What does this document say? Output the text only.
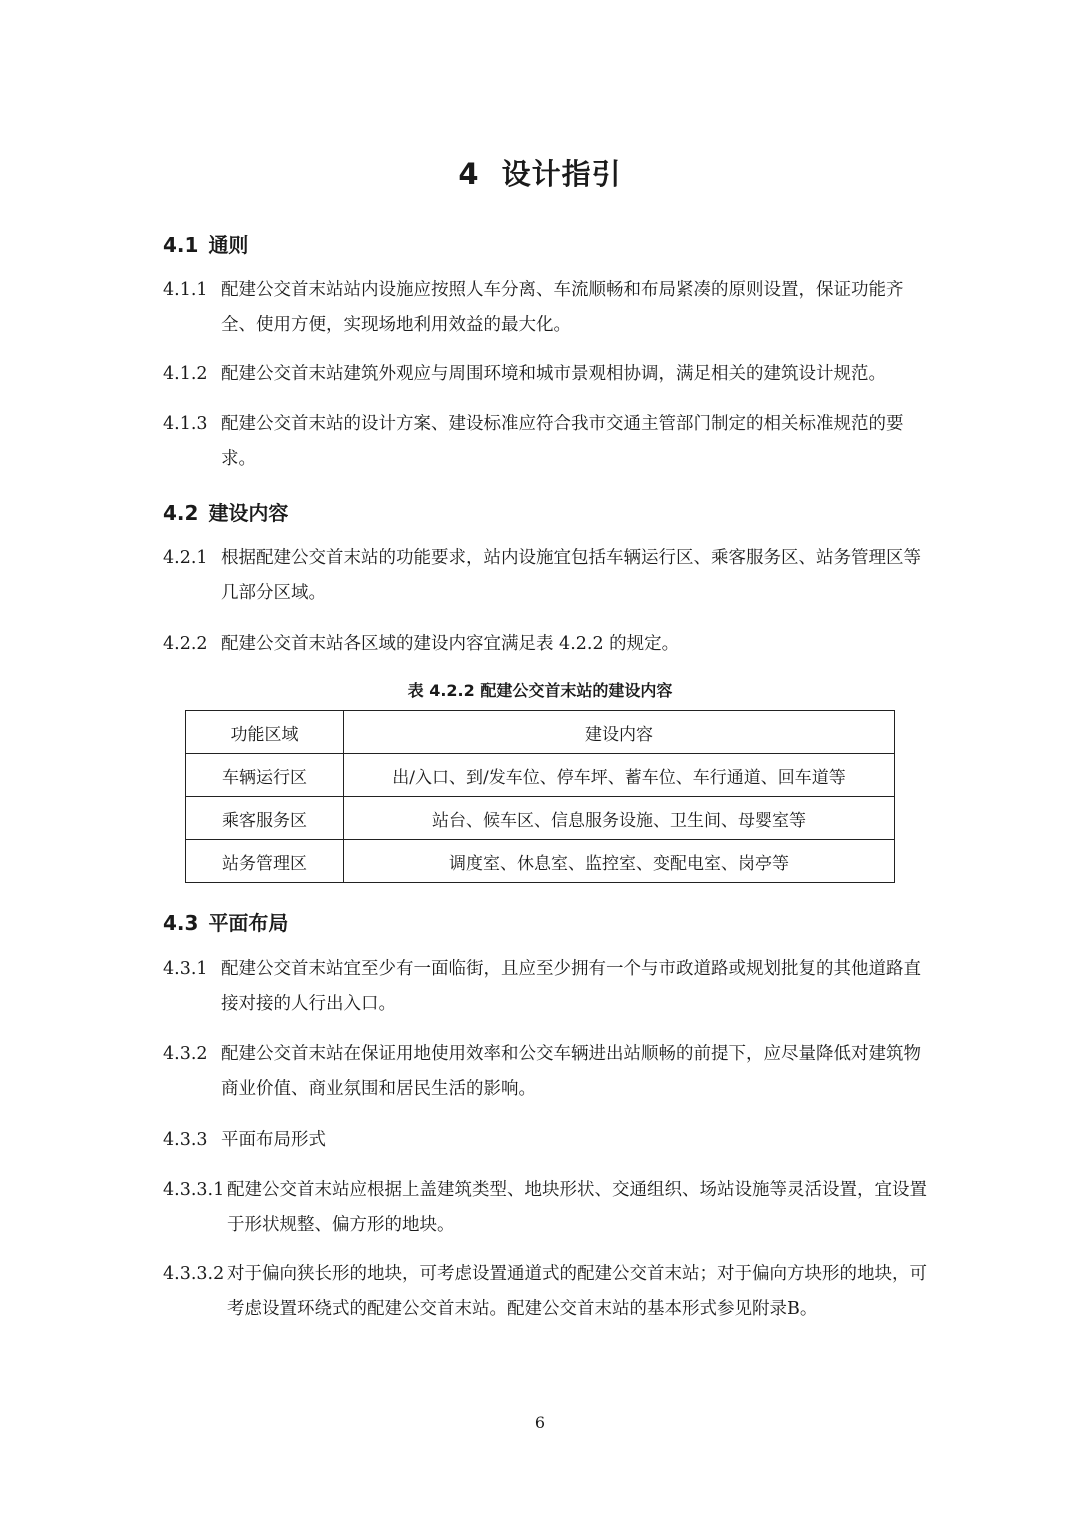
4 设计指引
4.1 通则
4.1.1 配建公交首末站站内设施应按照人车分离、车流顺畅和布局紧凑的原则设置，保证功能齐全、使用方便，实现场地利用效益的最大化。
4.1.2 配建公交首末站建筑外观应与周围环境和城市景观相协调，满足相关的建筑设计规范。
4.1.3 配建公交首末站的设计方案、建设标准应符合我市交通主管部门制定的相关标准规范的要求。
4.2 建设内容
4.2.1 根据配建公交首末站的功能要求，站内设施宜包括车辆运行区、乘客服务区、站务管理区等几部分区域。
4.2.2 配建公交首末站各区域的建设内容宜满足表 4.2.2 的规定。
表 4.2.2 配建公交首末站的建设内容
功能区域	建设内容
车辆运行区	出/入口、到/发车位、停车坪、蓄车位、车行通道、回车道等
乘客服务区	站台、候车区、信息服务设施、卫生间、母婴室等
站务管理区	调度室、休息室、监控室、变配电室、岗亭等
4.3 平面布局
4.3.1 配建公交首末站宜至少有一面临街，且应至少拥有一个与市政道路或规划批复的其他道路直接对接的人行出入口。
4.3.2 配建公交首末站在保证用地使用效率和公交车辆进出站顺畅的前提下，应尽量降低对建筑物商业价值、商业氛围和居民生活的影响。
4.3.3 平面布局形式
4.3.3.1 配建公交首末站应根据上盖建筑类型、地块形状、交通组织、场站设施等灵活设置，宜设置于形状规整、偏方形的地块。
4.3.3.2 对于偏向狭长形的地块，可考虑设置通道式的配建公交首末站；对于偏向方块形的地块，可考虑设置环绕式的配建公交首末站。配建公交首末站的基本形式参见附录B。
6
